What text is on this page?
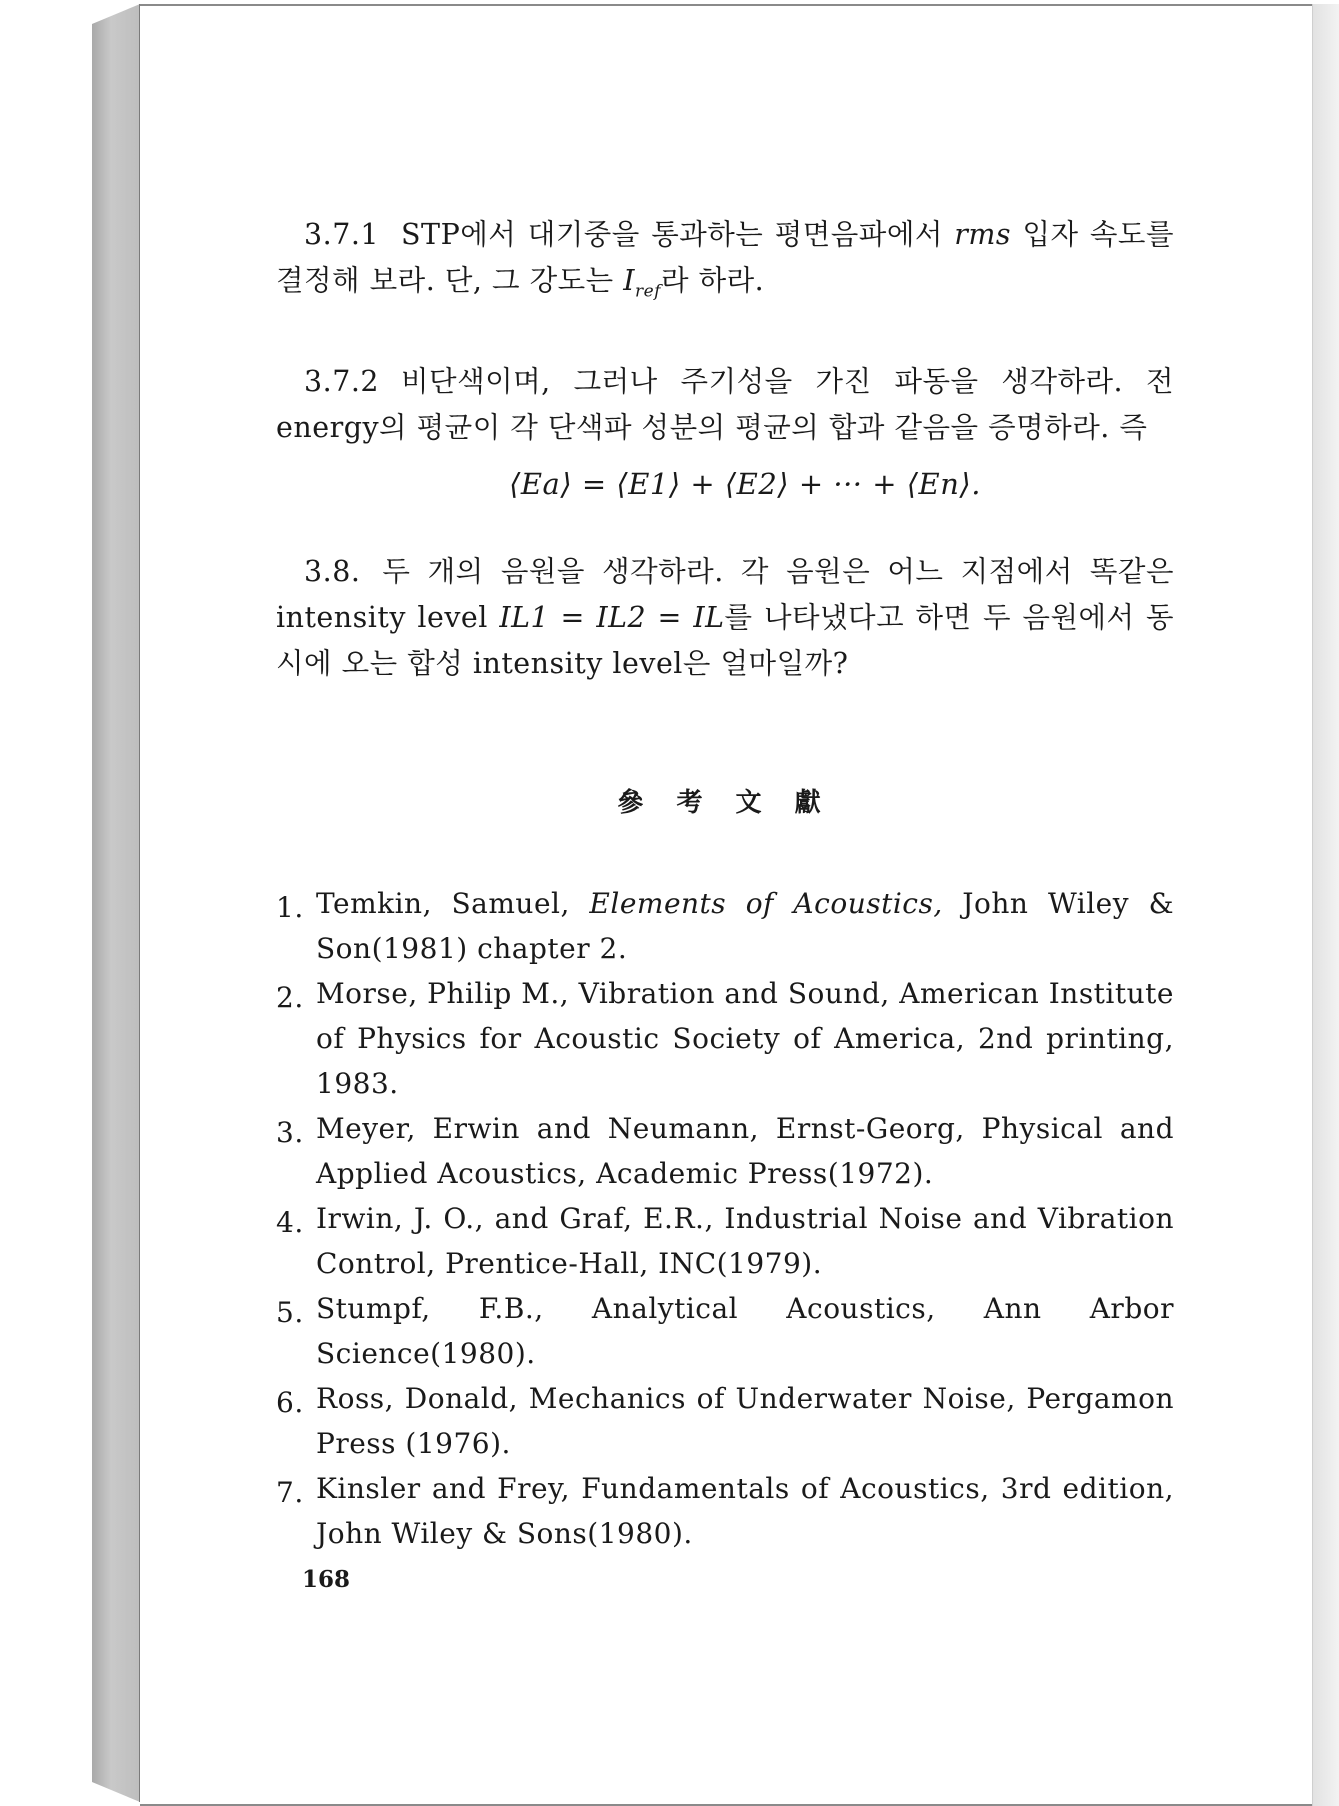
3.7.1 STP에서 대기중을 통과하는 평면음파에서 rms 입자 속도를 결정해 보라. 단, 그 강도는 $I_{ref}$라 하라.

3.7.2 비단색이며, 그러나 주기성을 가진 파동을 생각하라. 전 energy의 평균이 각 단색파 성분의 평균의 합과 같음을 증명하라. 즉

⟨Ea⟩ = ⟨E1⟩ + ⟨E2⟩ + ··· + ⟨En⟩.

3.8. 두 개의 음원을 생각하라. 각 음원은 어느 지점에서 똑같은 intensity level IL1 = IL2 = IL를 나타냈다고 하면 두 음원에서 동시에 오는 합성 intensity level은 얼마일까?

參 考 文 獻
1. Temkin, Samuel, Elements of Acoustics, John Wiley & Son(1981) chapter 2.
2. Morse, Philip M., Vibration and Sound, American Institute of Physics for Acoustic Society of America, 2nd printing, 1983.
3. Meyer, Erwin and Neumann, Ernst-Georg, Physical and Applied Acoustics, Academic Press(1972).
4. Irwin, J. O., and Graf, E.R., Industrial Noise and Vibration Control, Prentice-Hall, INC(1979).
5. Stumpf, F.B., Analytical Acoustics, Ann Arbor Science(1980).
6. Ross, Donald, Mechanics of Underwater Noise, Pergamon Press (1976).
7. Kinsler and Frey, Fundamentals of Acoustics, 3rd edition, John Wiley & Sons(1980).
168
